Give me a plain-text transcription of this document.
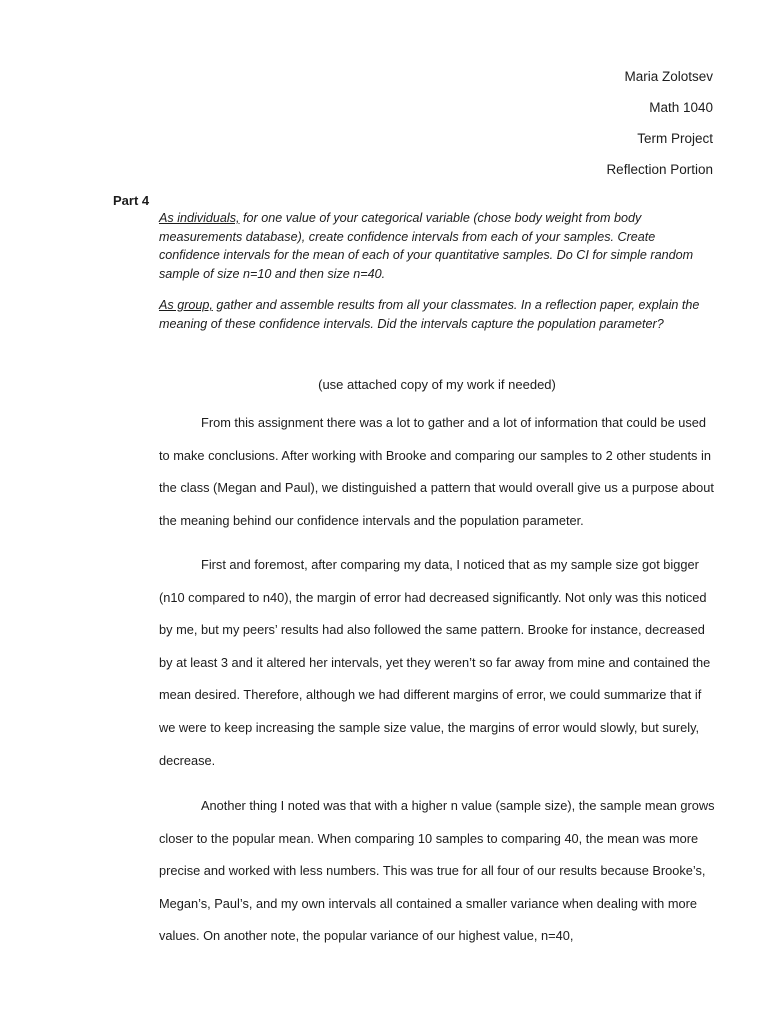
Maria Zolotsev
Math 1040
Term Project
Reflection Portion
Part 4

As individuals, for one value of your categorical variable (chose body weight from body measurements database), create confidence intervals from each of your samples. Create confidence intervals for the mean of each of your quantitative samples. Do CI for simple random sample of size n=10 and then size n=40.

As group, gather and assemble results from all your classmates. In a reflection paper, explain the meaning of these confidence intervals. Did the intervals capture the population parameter?

(use attached copy of my work if needed)

From this assignment there was a lot to gather and a lot of information that could be used to make conclusions. After working with Brooke and comparing our samples to 2 other students in the class (Megan and Paul), we distinguished a pattern that would overall give us a purpose about the meaning behind our confidence intervals and the population parameter.

First and foremost, after comparing my data, I noticed that as my sample size got bigger (n10 compared to n40), the margin of error had decreased significantly. Not only was this noticed by me, but my peers’ results had also followed the same pattern. Brooke for instance, decreased by at least 3 and it altered her intervals, yet they weren’t so far away from mine and contained the mean desired. Therefore, although we had different margins of error, we could summarize that if we were to keep increasing the sample size value, the margins of error would slowly, but surely, decrease.

Another thing I noted was that with a higher n value (sample size), the sample mean grows closer to the popular mean. When comparing 10 samples to comparing 40, the mean was more precise and worked with less numbers. This was true for all four of our results because Brooke’s, Megan’s, Paul’s, and my own intervals all contained a smaller variance when dealing with more values. On another note, the popular variance of our highest value, n=40,
